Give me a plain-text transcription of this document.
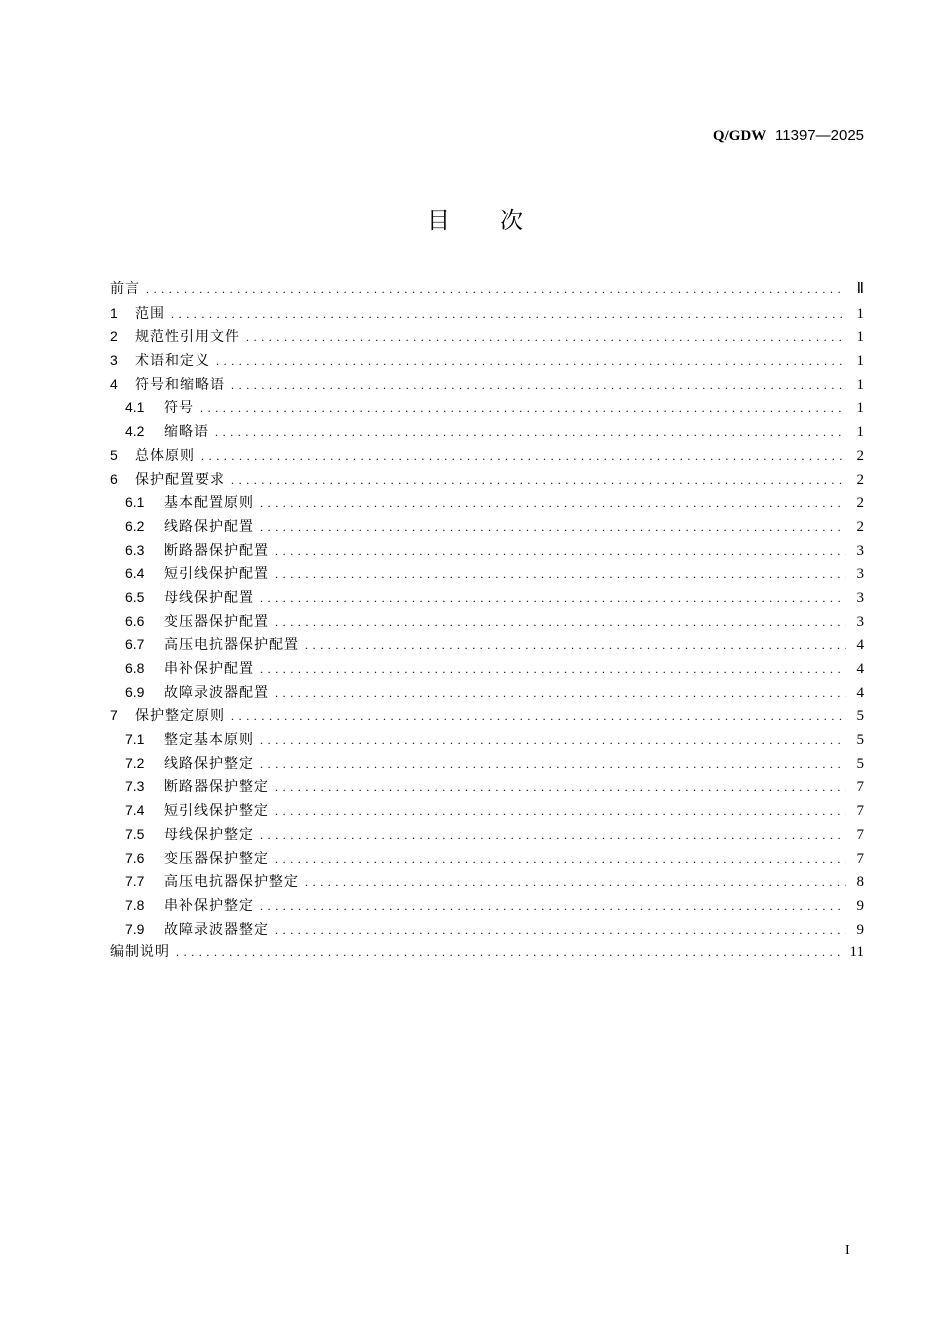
Q/GDW 11397—2025
目 次
前言 .....	Ⅱ
1	范围 .....	1
2	规范性引用文件 .....	1
3	术语和定义 .....	1
4	符号和缩略语 .....	1
4.1	符号 .....	1
4.2	缩略语 .....	1
5	总体原则 .....	2
6	保护配置要求 .....	2
6.1	基本配置原则 .....	2
6.2	线路保护配置 .....	2
6.3	断路器保护配置 .....	3
6.4	短引线保护配置 .....	3
6.5	母线保护配置 .....	3
6.6	变压器保护配置 .....	3
6.7	高压电抗器保护配置 .....	4
6.8	串补保护配置 .....	4
6.9	故障录波器配置 .....	4
7	保护整定原则 .....	5
7.1	整定基本原则 .....	5
7.2	线路保护整定 .....	5
7.3	断路器保护整定 .....	7
7.4	短引线保护整定 .....	7
7.5	母线保护整定 .....	7
7.6	变压器保护整定 .....	7
7.7	高压电抗器保护整定 .....	8
7.8	串补保护整定 .....	9
7.9	故障录波器整定 .....	9
编制说明 .....	11
I
